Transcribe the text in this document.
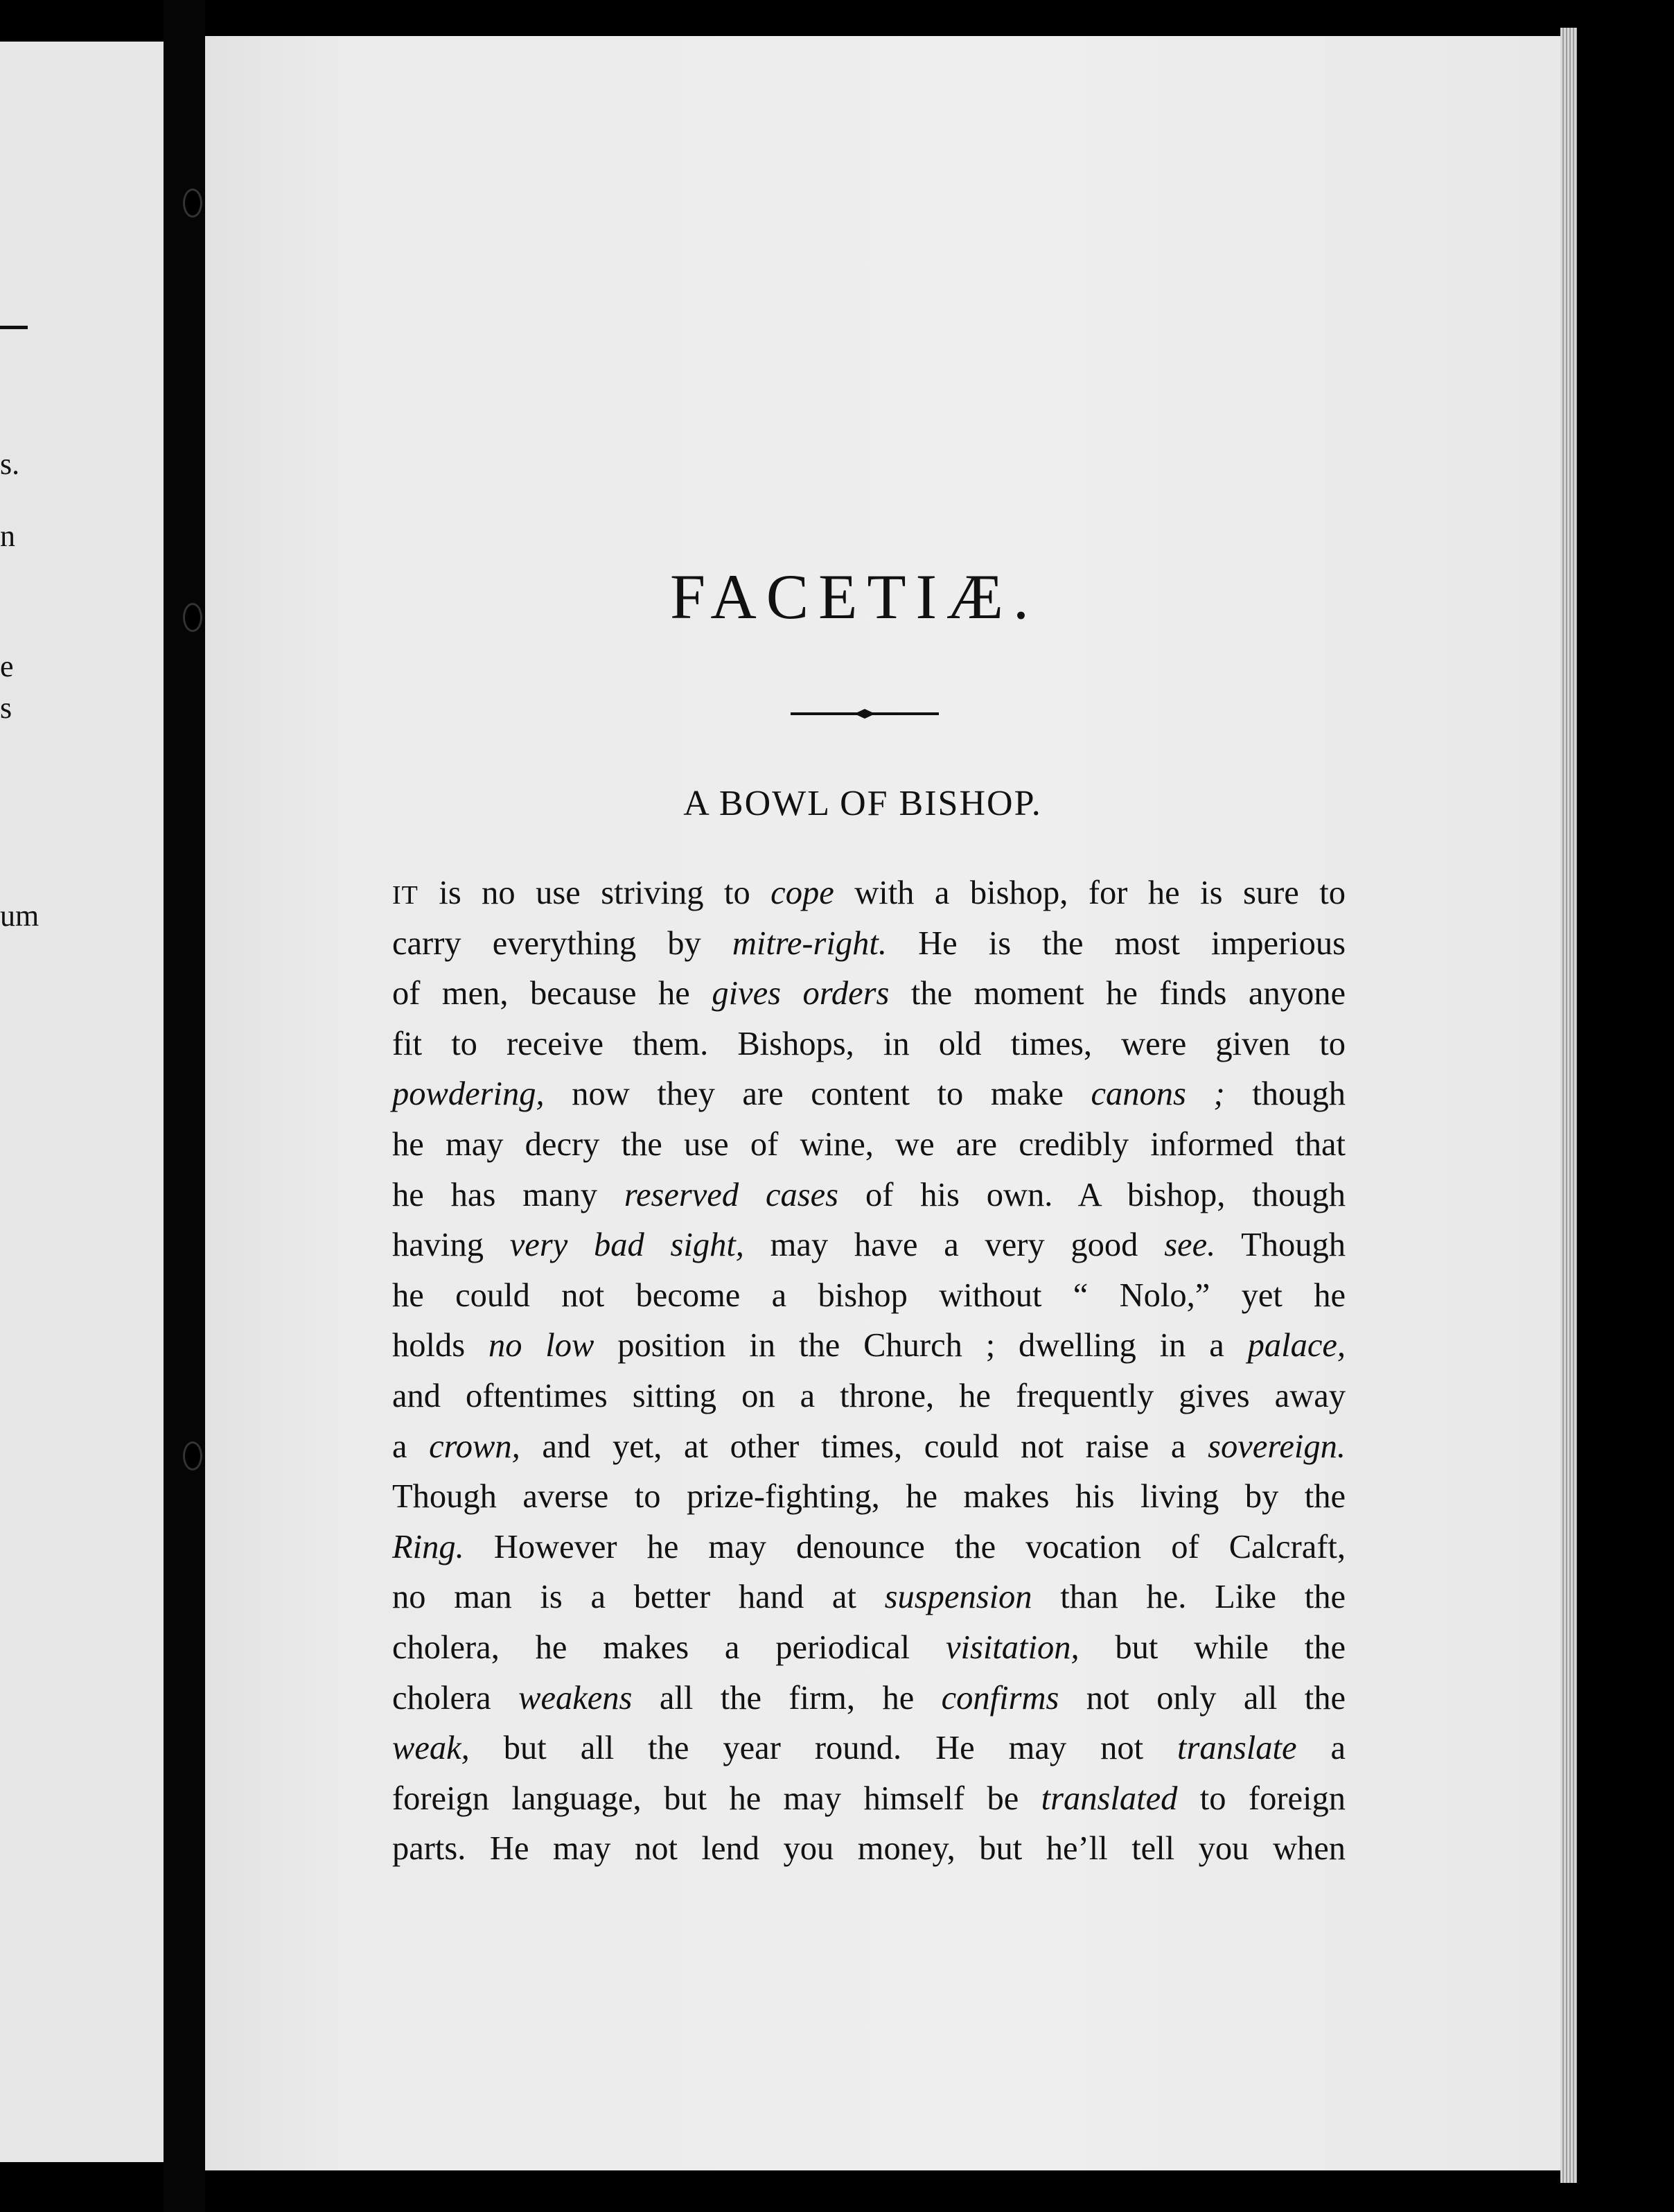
s.
n
e
s
um
FACETIÆ.
A BOWL OF BISHOP.
IT is no use striving to cope with a bishop, for he is sure to
carry everything by mitre-right. He is the most imperious
of men, because he gives orders the moment he finds anyone
fit to receive them. Bishops, in old times, were given to
powdering, now they are content to make canons ; though
he may decry the use of wine, we are credibly informed that
he has many reserved cases of his own. A bishop, though
having very bad sight, may have a very good see. Though
he could not become a bishop without “ Nolo,” yet he
holds no low position in the Church ; dwelling in a palace,
and oftentimes sitting on a throne, he frequently gives away
a crown, and yet, at other times, could not raise a sovereign.
Though averse to prize-fighting, he makes his living by the
Ring. However he may denounce the vocation of Calcraft,
no man is a better hand at suspension than he. Like the
cholera, he makes a periodical visitation, but while the
cholera weakens all the firm, he confirms not only all the
weak, but all the year round. He may not translate a
foreign language, but he may himself be translated to foreign
parts. He may not lend you money, but he’ll tell you when
